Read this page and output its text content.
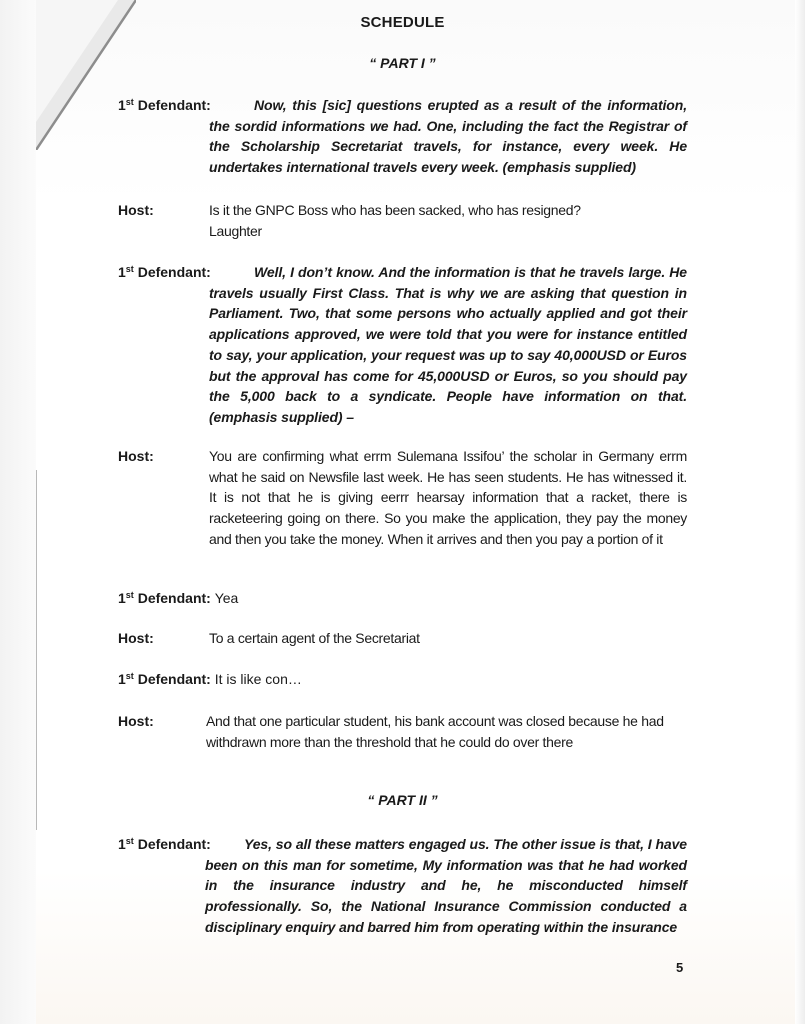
SCHEDULE
“ PART I ”
1st Defendant:	Now, this [sic] questions erupted as a result of the information, the sordid informations we had. One, including the fact the Registrar of the Scholarship Secretariat travels, for instance, every week. He undertakes international travels every week. (emphasis supplied)
Host:	Is it the GNPC Boss who has been sacked, who has resigned? Laughter
1st Defendant:	Well, I don’t know. And the information is that he travels large. He travels usually First Class. That is why we are asking that question in Parliament. Two, that some persons who actually applied and got their applications approved, we were told that you were for instance entitled to say, your application, your request was up to say 40,000USD or Euros but the approval has come for 45,000USD or Euros, so you should pay the 5,000 back to a syndicate. People have information on that. (emphasis supplied) –
Host:	You are confirming what errm Sulemana Issifou’ the scholar in Germany errm what he said on Newsfile last week. He has seen students. He has witnessed it. It is not that he is giving eerrr hearsay information that a racket, there is racketeering going on there. So you make the application, they pay the money and then you take the money. When it arrives and then you pay a portion of it
1st Defendant: Yea
Host:	To a certain agent of the Secretariat
1st Defendant: It is like con…
Host:	And that one particular student, his bank account was closed because he had withdrawn more than the threshold that he could do over there
“ PART II ”
1st Defendant:	Yes, so all these matters engaged us. The other issue is that, I have been on this man for sometime, My information was that he had worked in the insurance industry and he, he misconducted himself professionally. So, the National Insurance Commission conducted a disciplinary enquiry and barred him from operating within the insurance
5
